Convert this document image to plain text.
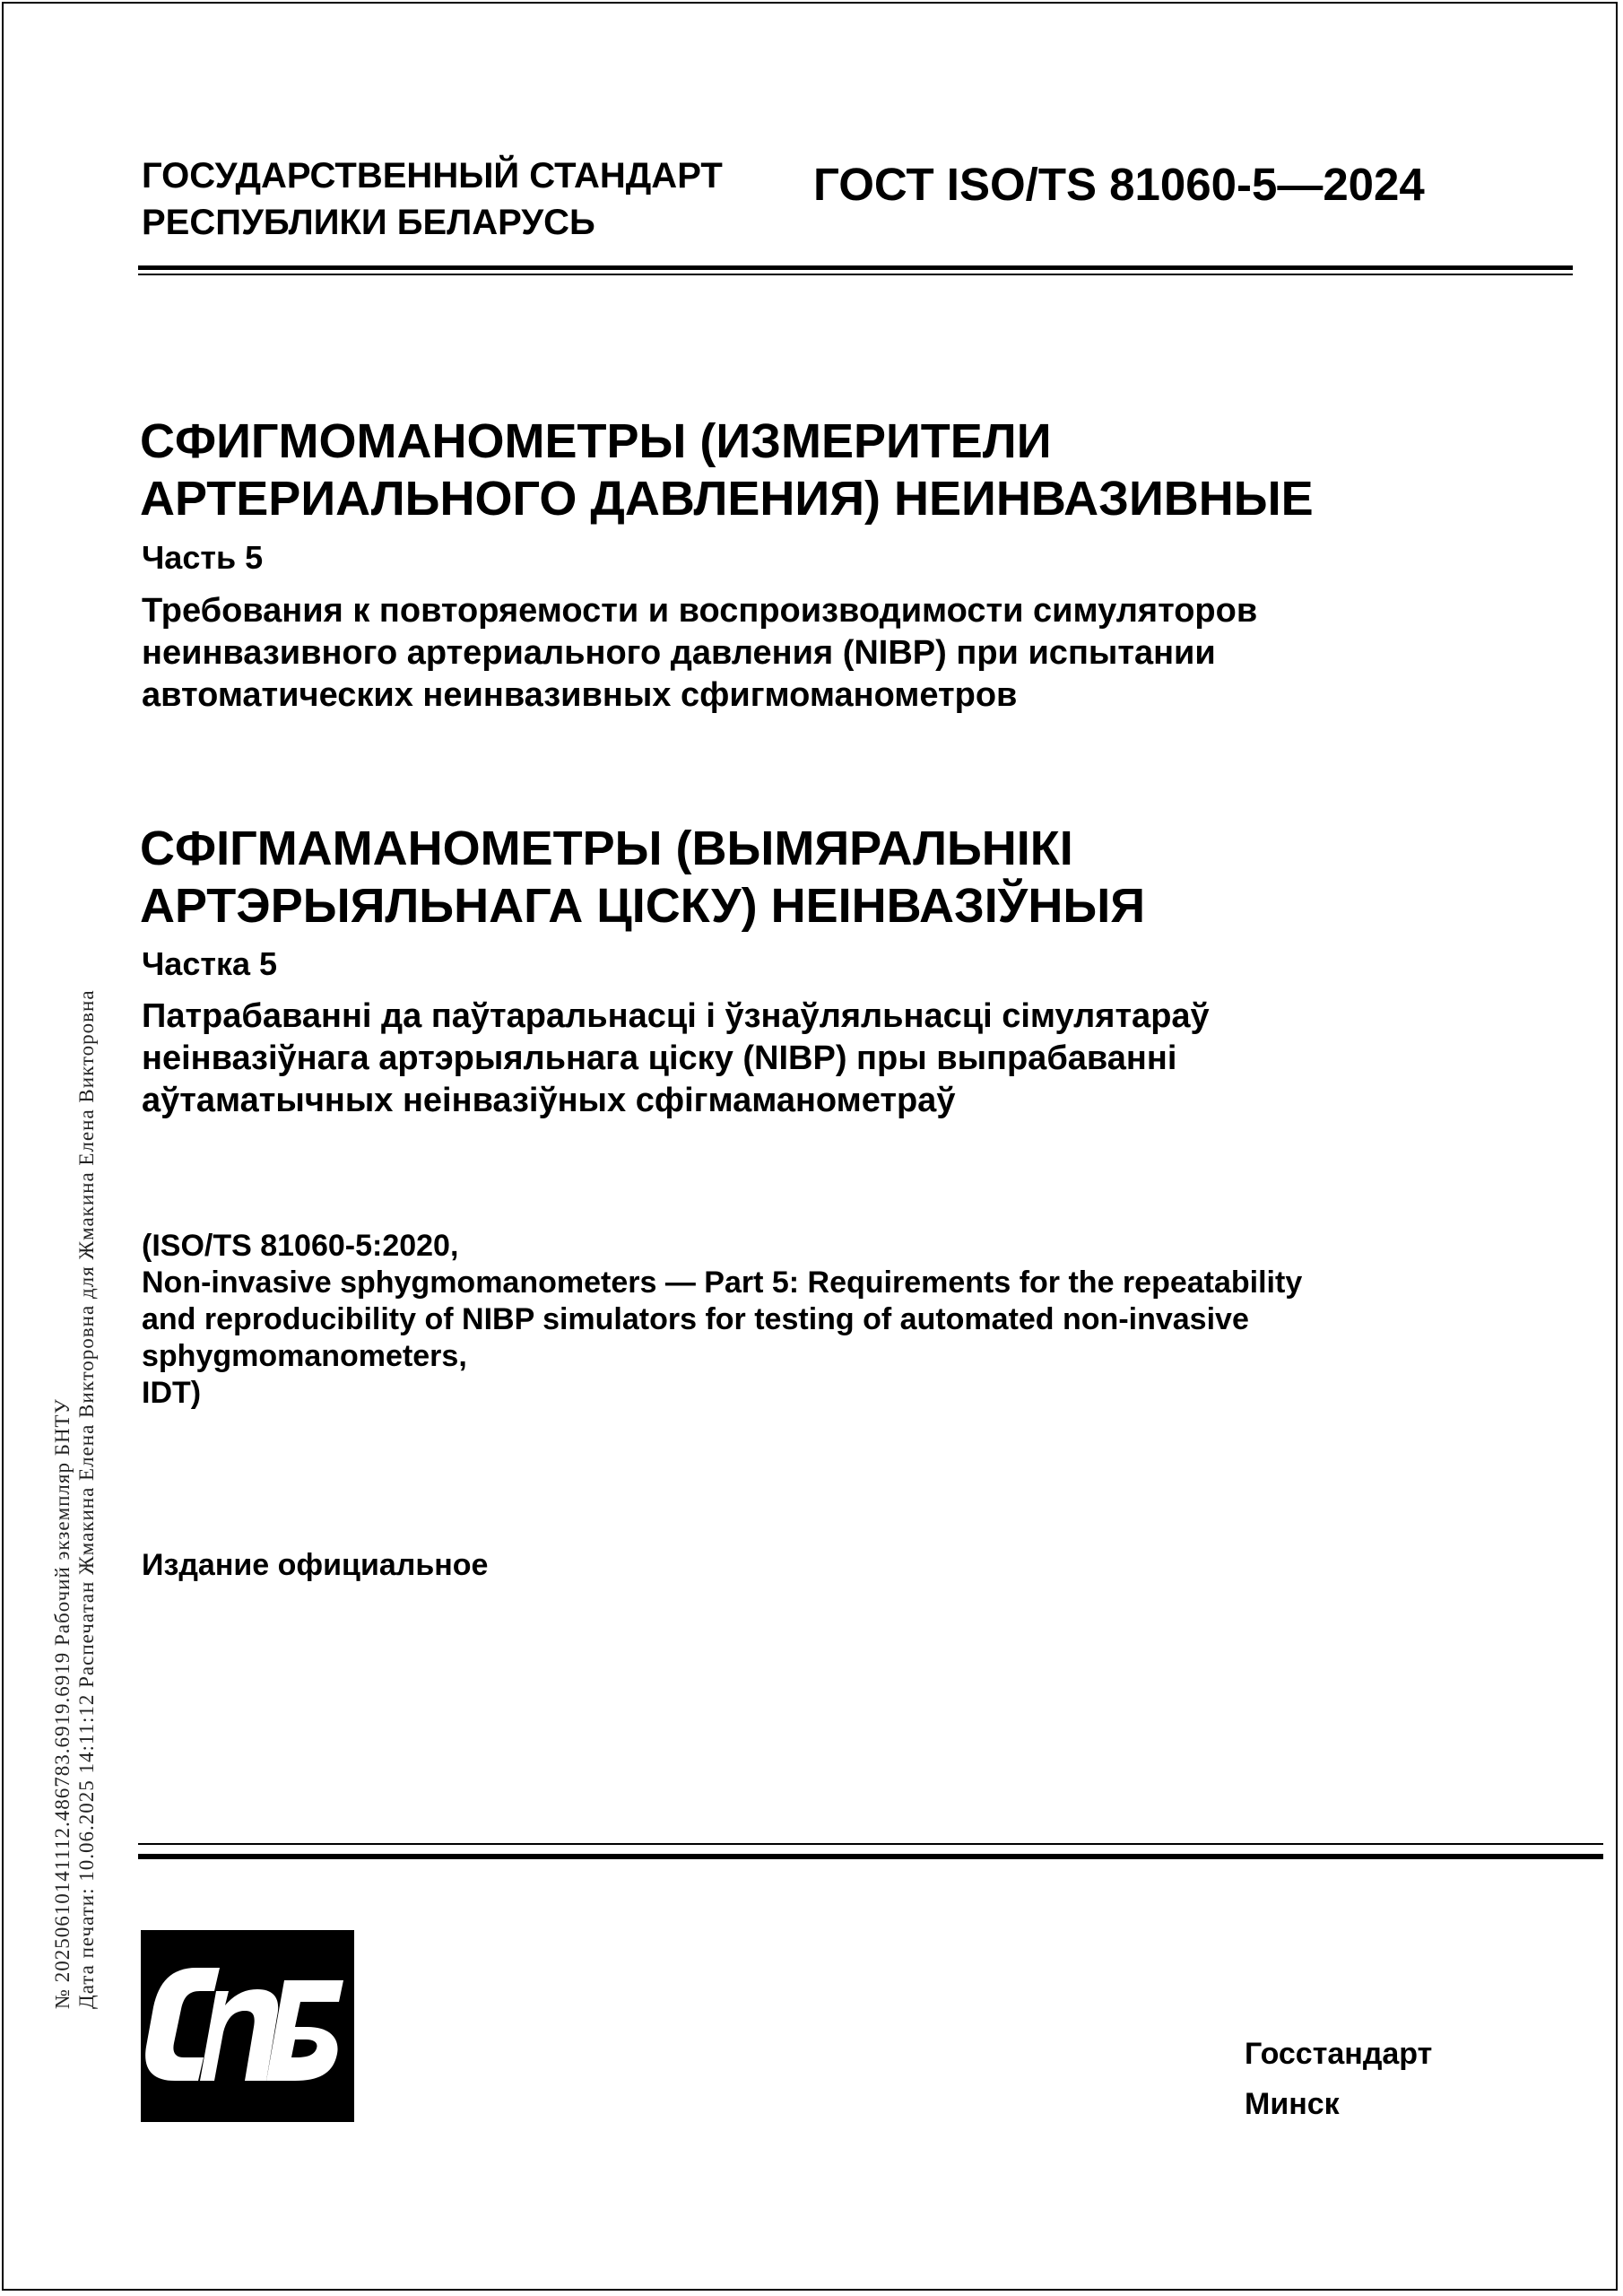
ГОСУДАРСТВЕННЫЙ СТАНДАРТ
РЕСПУБЛИКИ БЕЛАРУСЬ
ГОСТ ISO/TS 81060-5—2024
СФИГМОМАНОМЕТРЫ (ИЗМЕРИТЕЛИ
АРТЕРИАЛЬНОГО ДАВЛЕНИЯ) НЕИНВАЗИВНЫЕ
Часть 5
Требования к повторяемости и воспроизводимости симуляторов
неинвазивного артериального давления (NIBP) при испытании
автоматических неинвазивных сфигмоманометров
СФІГМАМАНОМЕТРЫ (ВЫМЯРАЛЬНІКІ
АРТЭРЫЯЛЬНАГА ЦІСКУ) НЕІНВАЗІЎНЫЯ
Частка 5
Патрабаванні да паўтаральнасці і ўзнаўляльнасці сімулятараў
неінвазіўнага артэрыяльнага ціску (NIBP) пры выпрабаванні
аўтаматычных неінвазіўных сфігмаманометраў
(ISO/TS 81060-5:2020,
Non-invasive sphygmomanometers — Part 5: Requirements for the repeatability
and reproducibility of NIBP simulators for testing of automated non-invasive
sphygmomanometers,
IDT)
Издание официальное
№ 20250610141112.486783.6919.6919 Рабочий экземпляр БНТУ Дата печати: 10.06.2025 14:11:12 Распечатан Жмакина Елена Викторовна для Жмакина Елена Викторовна
Госстандарт
Минск
